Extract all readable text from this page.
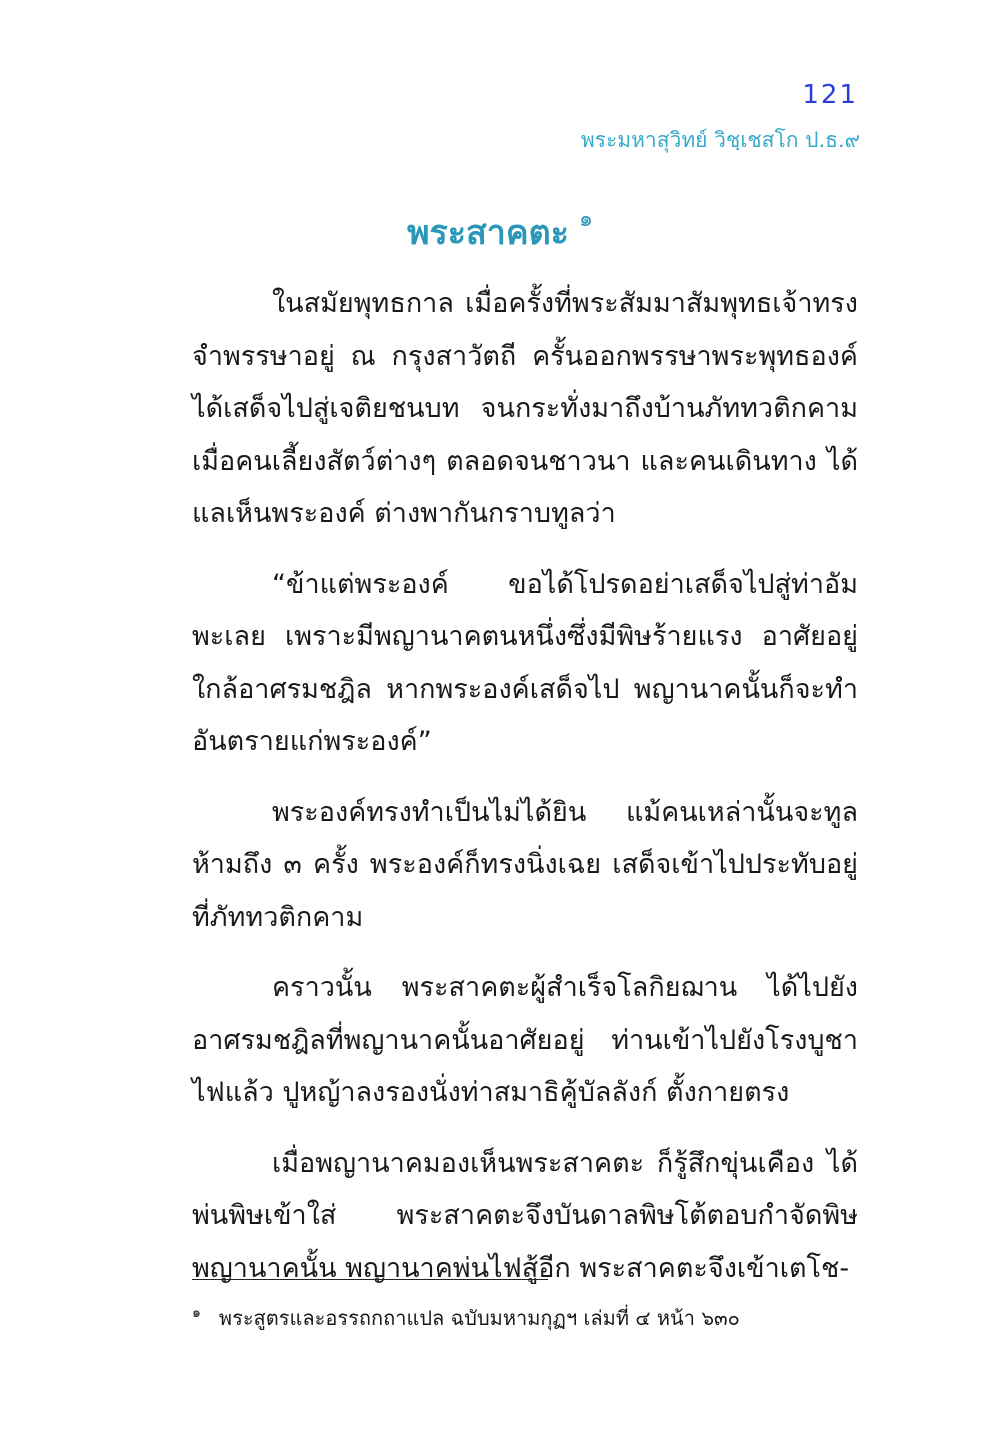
121
พระมหาสุวิทย์ วิชฺเชสโก ป.ธ.๙
พระสาคตะ $^๑$

ในสมัยพุทธกาล เมื่อครั้งที่พระสัมมาสัมพุทธเจ้าทรงจำพรรษาอยู่ ณ กรุงสาวัตถี ครั้นออกพรรษาพระพุทธองค์ได้เสด็จไปสู่เจติยชนบท จนกระทั่งมาถึงบ้านภัททวติกคาม เมื่อคนเลี้ยงสัตว์ต่างๆ ตลอดจนชาวนา และคนเดินทาง ได้แลเห็นพระองค์ ต่างพากันกราบทูลว่า

“ข้าแต่พระองค์ ขอได้โปรดอย่าเสด็จไปสู่ท่าอัมพะเลย เพราะมีพญานาคตนหนึ่งซึ่งมีพิษร้ายแรง อาศัยอยู่ใกล้อาศรมชฎิล หากพระองค์เสด็จไป พญานาคนั้นก็จะทำอันตรายแก่พระองค์”

พระองค์ทรงทำเป็นไม่ได้ยิน แม้คนเหล่านั้นจะทูลห้ามถึง ๓ ครั้ง พระองค์ก็ทรงนิ่งเฉย เสด็จเข้าไปประทับอยู่ที่ภัททวติกคาม

คราวนั้น พระสาคตะผู้สำเร็จโลกิยฌาน ได้ไปยังอาศรมชฎิลที่พญานาคนั้นอาศัยอยู่ ท่านเข้าไปยังโรงบูชาไฟแล้ว ปูหญ้าลงรองนั่งท่าสมาธิคู้บัลลังก์ ตั้งกายตรง

เมื่อพญานาคมองเห็นพระสาคตะ ก็รู้สึกขุ่นเคือง ได้พ่นพิษเข้าใส่ พระสาคตะจึงบันดาลพิษโต้ตอบกำจัดพิษพญานาคนั้น พญานาคพ่นไฟสู้อีก พระสาคตะจึงเข้าเตโช-

$^๑$ พระสูตรและอรรถกถาแปล ฉบับมหามกุฏฯ เล่มที่ ๔ หน้า ๖๓๐
